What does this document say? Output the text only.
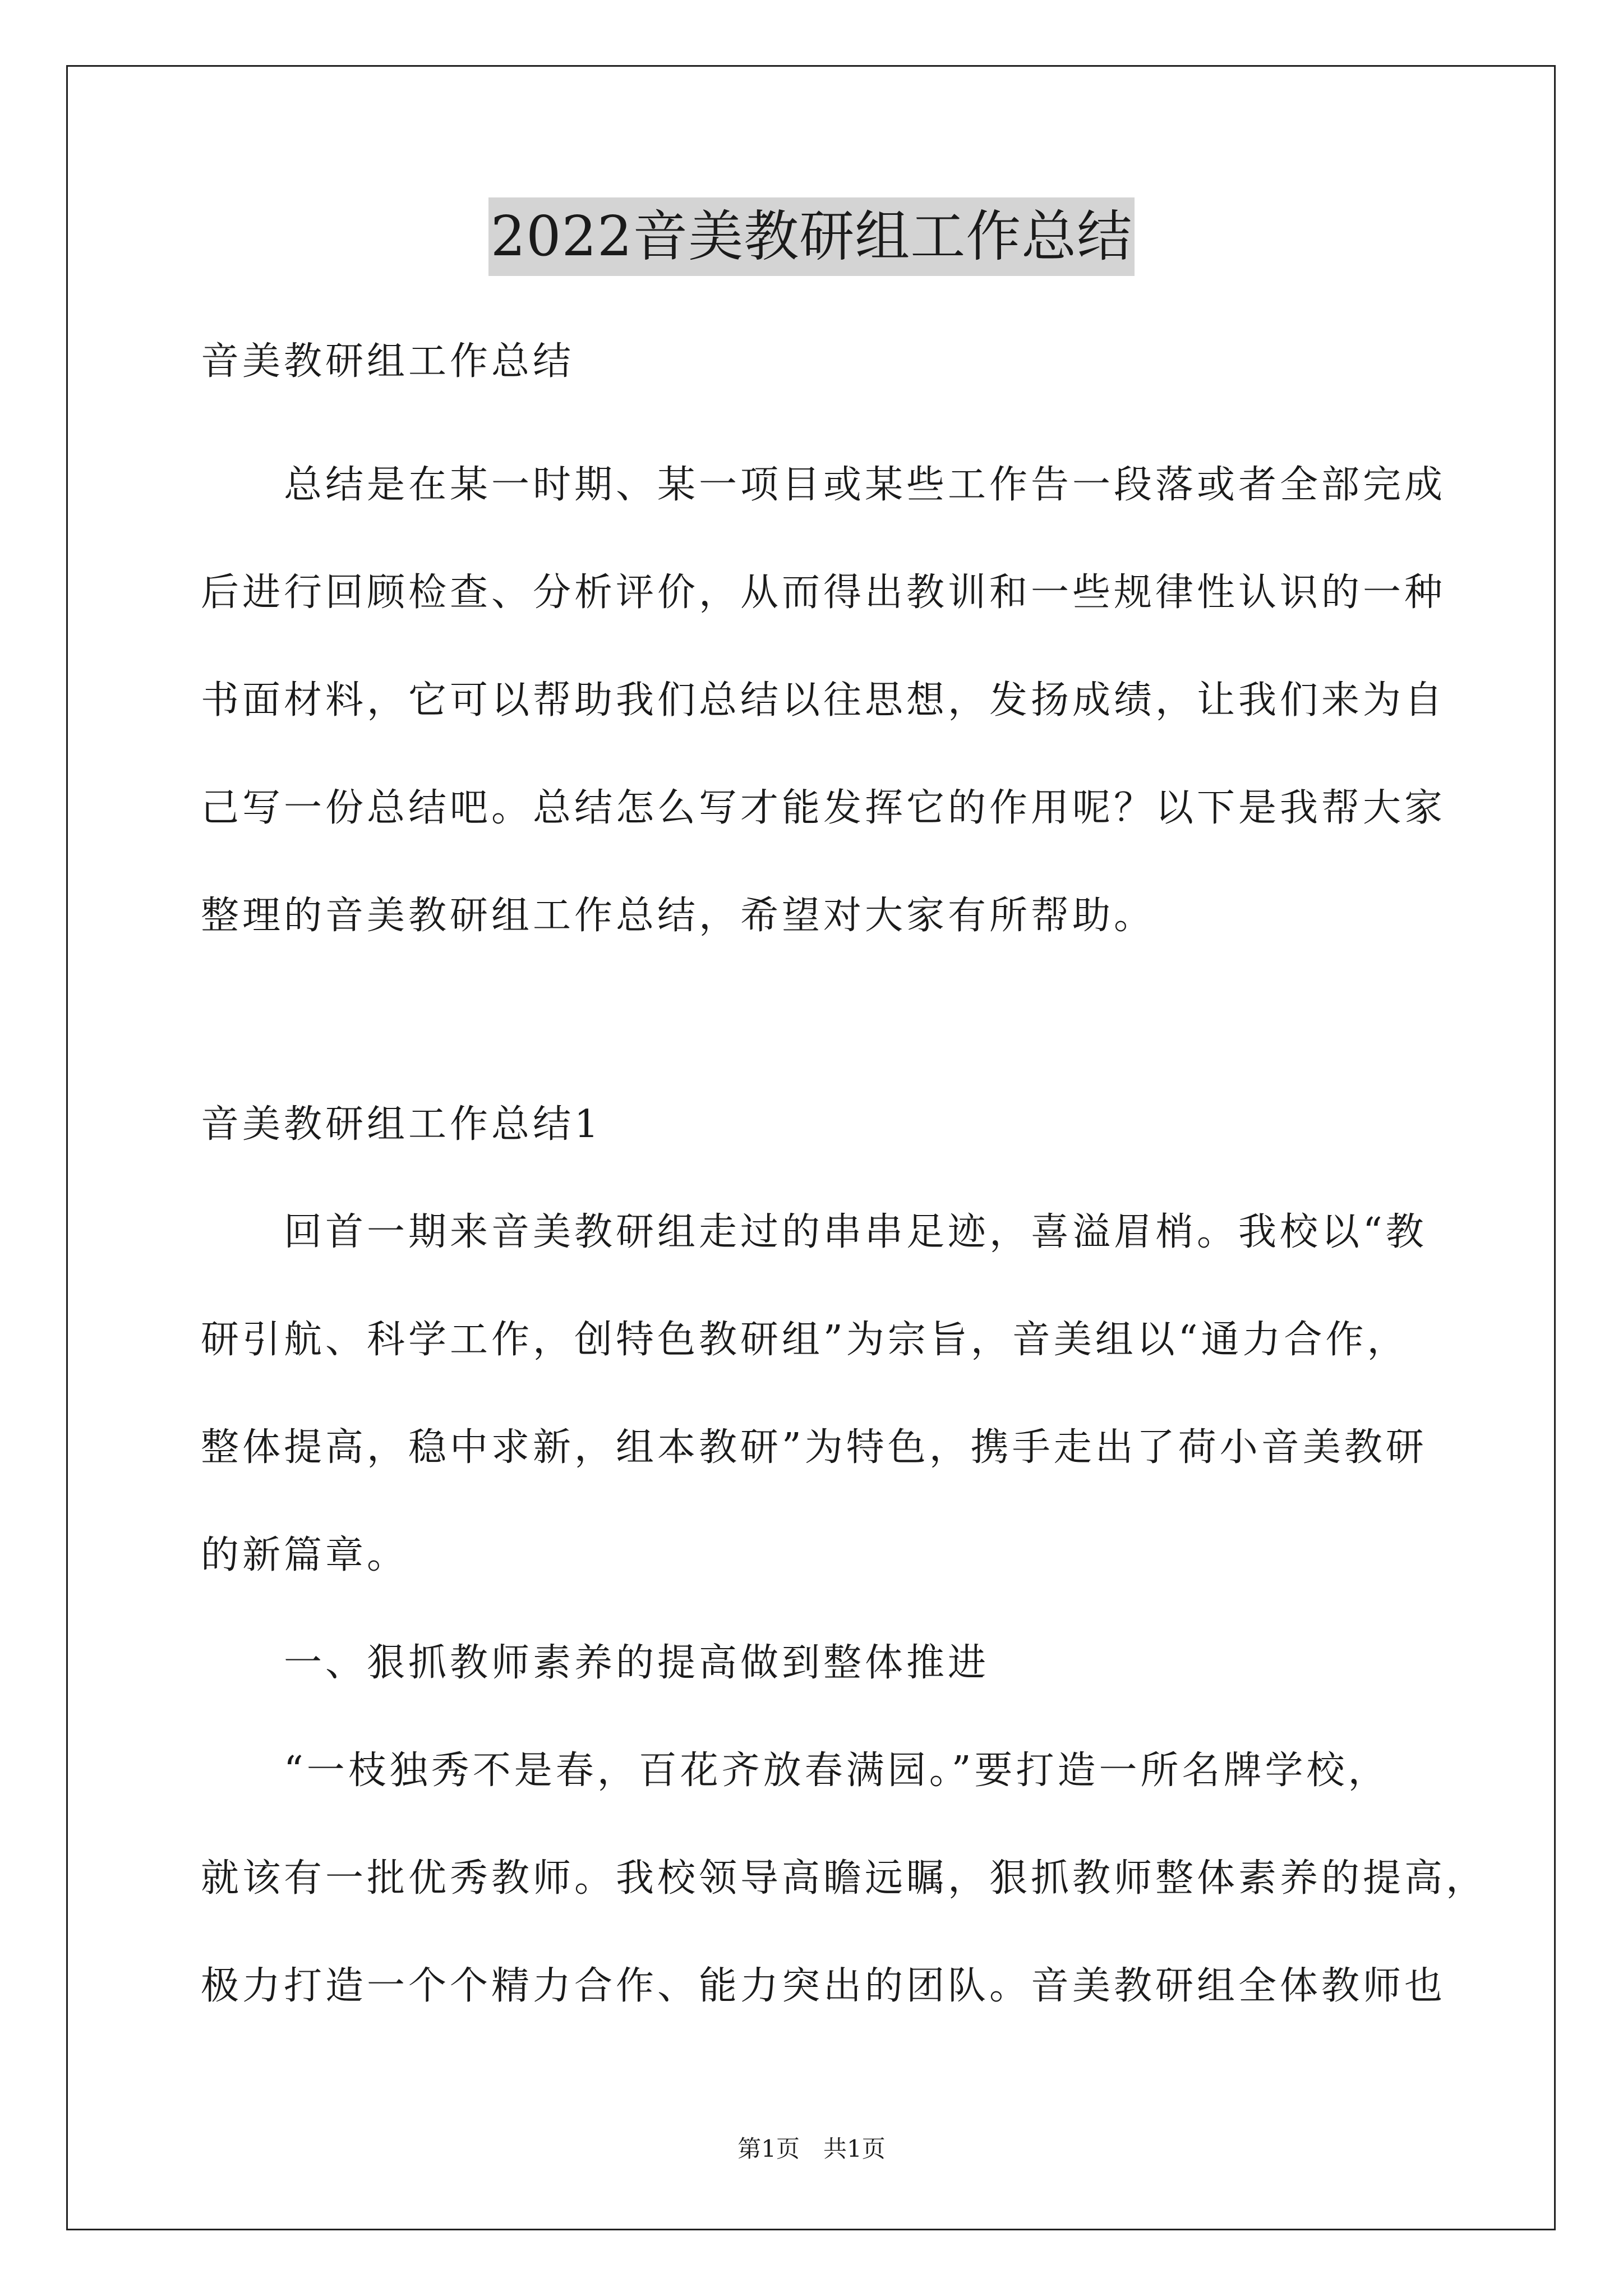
2022音美教研组工作总结
音美教研组工作总结
　　总结是在某一时期、某一项目或某些工作告一段落或者全部完成
后进行回顾检查、分析评价，从而得出教训和一些规律性认识的一种
书面材料，它可以帮助我们总结以往思想，发扬成绩，让我们来为自
己写一份总结吧。总结怎么写才能发挥它的作用呢？以下是我帮大家
整理的音美教研组工作总结，希望对大家有所帮助。
音美教研组工作总结1
　　回首一期来音美教研组走过的串串足迹，喜溢眉梢。我校以“教
研引航、科学工作，创特色教研组”为宗旨，音美组以“通力合作，
整体提高，稳中求新，组本教研”为特色，携手走出了荷小音美教研
的新篇章。
　　一、狠抓教师素养的提高做到整体推进
　　“一枝独秀不是春，百花齐放春满园。”要打造一所名牌学校，
就该有一批优秀教师。我校领导高瞻远瞩，狠抓教师整体素养的提高，
极力打造一个个精力合作、能力突出的团队。音美教研组全体教师也
第1页　共1页
